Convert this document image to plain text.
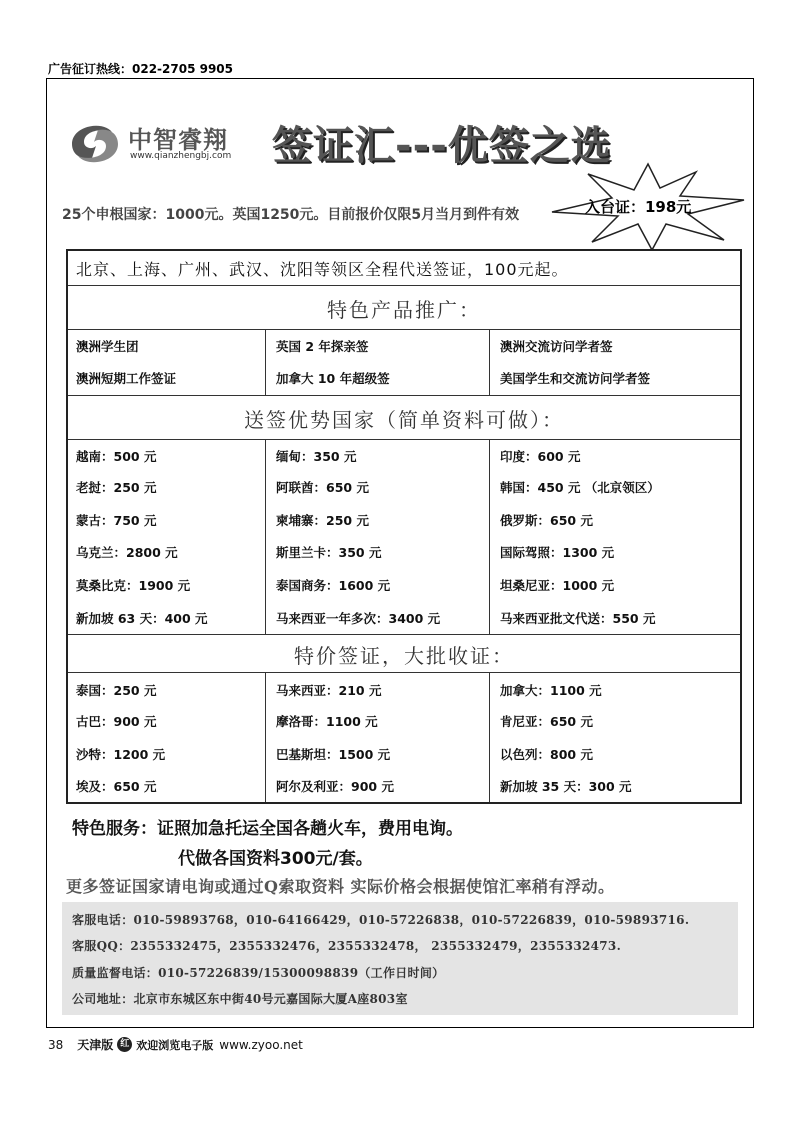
广告征订热线：022-2705 9905
中智睿翔
www.qianzhengbj.com 签证汇---优签之选
入台证：198元
25个申根国家：1000元。英国1250元。目前报价仅限5月当月到件有效
北京、上海、广州、武汉、沈阳等领区全程代送签证，100元起。
特色产品推广：
澳洲学生团	英国 2 年探亲签	澳洲交流访问学者签
澳洲短期工作签证	加拿大 10 年超级签	美国学生和交流访问学者签
送签优势国家（简单资料可做）：
越南：500 元	缅甸：350 元	印度：600 元
老挝：250 元	阿联酋：650 元	韩国：450 元 （北京领区）
蒙古：750 元	柬埔寨：250 元	俄罗斯：650 元
乌克兰：2800 元	斯里兰卡：350 元	国际驾照：1300 元
莫桑比克：1900 元	泰国商务：1600 元	坦桑尼亚：1000 元
新加坡 63 天：400 元	马来西亚一年多次：3400 元	马来西亚批文代送：550 元
特价签证，大批收证：
泰国：250 元	马来西亚：210 元	加拿大：1100 元
古巴：900 元	摩洛哥：1100 元	肯尼亚：650 元
沙特：1200 元	巴基斯坦：1500 元	以色列：800 元
埃及：650 元	阿尔及利亚：900 元	新加坡 35 天：300 元
特色服务：证照加急托运全国各趟火车，费用电询。
代做各国资料300元/套。
更多签证国家请电询或通过Q索取资料 实际价格会根据使馆汇率稍有浮动。
客服电话：010-59893768，010-64166429，010-57226838，010-57226839，010-59893716.
客服QQ：2355332475，2355332476，2355332478， 2355332479，2355332473.
质量监督电话：010-57226839/15300098839（工作日时间）
公司地址：北京市东城区东中街40号元嘉国际大厦A座803室
38 天津版 红 欢迎浏览电子版 www.zyoo.net
